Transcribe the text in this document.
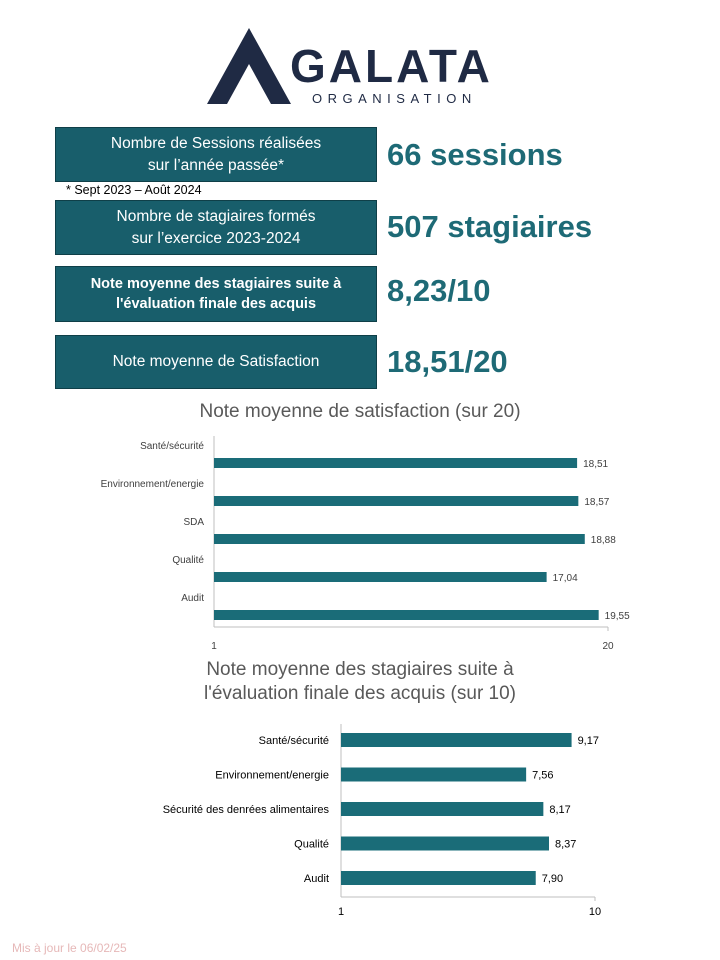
GALATA
ORGANISATION
Nombre de Sessions réalisées
sur l’année passée*	66 sessions
* Sept 2023 – Août 2024
Nombre de stagiaires formés
sur l’exercice 2023-2024	507 stagiaires
Note moyenne des stagiaires suite à
l'évaluation finale des acquis	8,23/10
Note moyenne de Satisfaction 18,51/20
Note moyenne de satisfaction (sur 20)
1	20
Santé/sécurité
18,51
Environnement/energie
18,57
SDA
18,88
Qualité
17,04
Audit
19,55
Note moyenne des stagiaires suite à
l'évaluation finale des acquis (sur 10)
1	10
Santé/sécurité	9,17
Environnement/energie	7,56
Sécurité des denrées alimentaires	8,17
Qualité	8,37
Audit	7,90
Mis à jour le 06/02/25
